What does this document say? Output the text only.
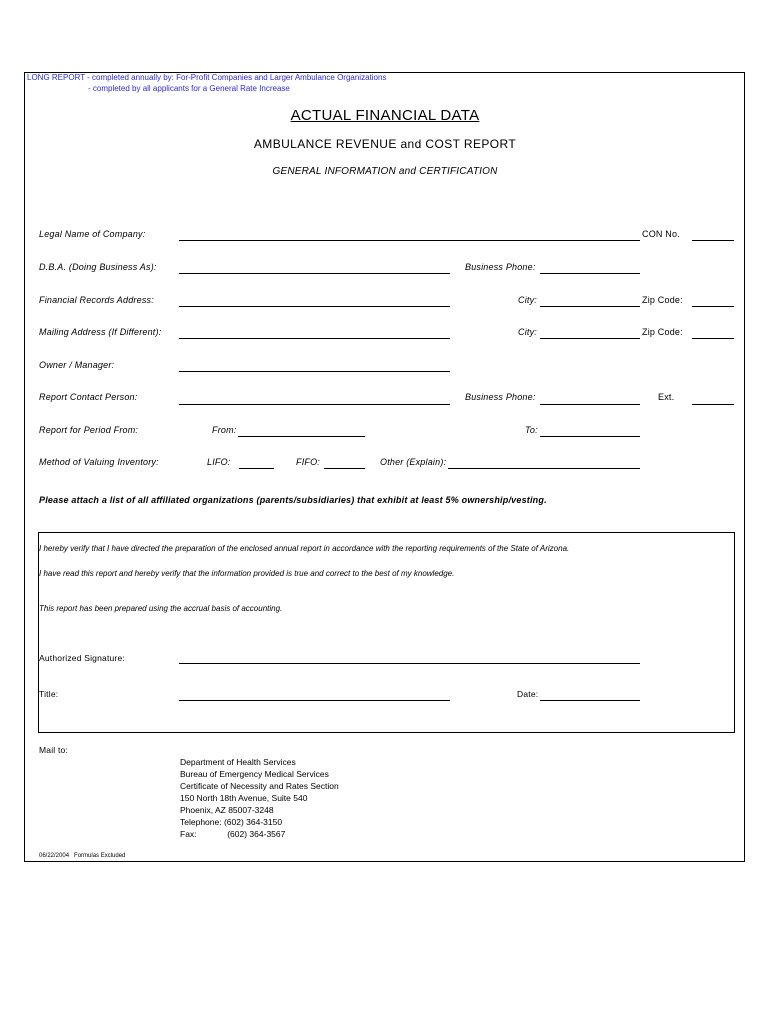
LONG REPORT - completed annually by: For-Profit Companies and Larger Ambulance Organizations
- completed by all applicants for a General Rate Increase
ACTUAL FINANCIAL DATA
AMBULANCE REVENUE and COST REPORT
GENERAL INFORMATION and CERTIFICATION
Legal Name of Company:	CON No.
D.B.A. (Doing Business As):	Business Phone:
Financial Records Address:	City:	Zip Code:
Mailing Address (If Different):	City:	Zip Code:
Owner / Manager:
Report Contact Person:	Business Phone:	Ext.
Report for Period From:	From:	To:
Method of Valuing Inventory:	LIFO:	FIFO:	Other (Explain):
Please attach a list of all affiliated organizations (parents/subsidiaries) that exhibit at least 5% ownership/vesting.
I hereby verify that I have directed the preparation of the enclosed annual report in accordance with the reporting requirements of the State of Arizona.
I have read this report and hereby verify that the information provided is true and correct to the best of my knowledge.
This report has been prepared using the accrual basis of accounting.
Authorized Signature:
Title:	Date:
Mail to:
Department of Health Services
Bureau of Emergency Medical Services
Certificate of Necessity and Rates Section
150 North 18th Avenue, Suite 540
Phoenix, AZ 85007-3248
Telephone: (602) 364-3150
Fax:             (602) 364-3567
06/22/2004   Formulas Excluded
